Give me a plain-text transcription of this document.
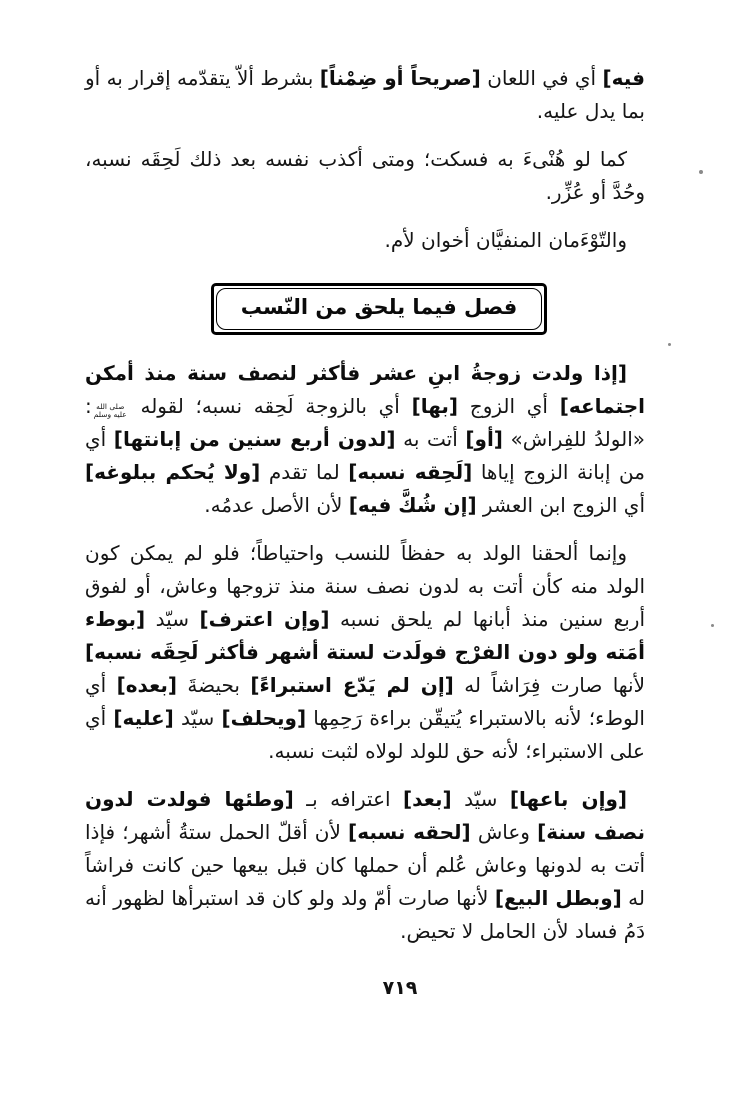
فيه] أي في اللعان [صريحاً أو ضِمْناً] بشرط ألاّ يتقدّمه إقرار به أو بما يدل عليه.

كما لو هُنْىءَ به فسكت؛ ومتى أكذب نفسه بعد ذلك لَحِقَه نسبه، وحُدَّ أو عُزِّر.

والتّوْءَمان المنفيَّان أخوان لأم.

فصل فيما يلحق من النّسب

[إذا ولدت زوجةُ ابنِ عشر فأكثر لنصف سنة منذ أمكن اجتماعه] أي الزوج [بها] أي بالزوجة لَحِقه نسبه؛ لقوله
صلى الله
عليه وسلم
: «الولدُ للفِراش» [أو] أتت به [لدون أربع سنين من إبانتها] أي من إبانة الزوج إياها [لَحِقه نسبه] لما تقدم [ولا يُحكم ببلوغه] أي الزوج ابن العشر [إن شُكَّ فيه] لأن الأصل عدمُه.

وإنما ألحقنا الولد به حفظاً للنسب واحتياطاً؛ فلو لم يمكن كون الولد منه كأن أتت به لدون نصف سنة منذ تزوجها وعاش، أو لفوق أربع سنين منذ أبانها لم يلحق نسبه [وإن اعترف] سيّد [بوطء أمَته ولو دون الفرْج فولَدت لستة أشهر فأكثر لَحِقَه نسبه] لأنها صارت فِرَاشاً له [إن لم يَدّع استبراءً] بحيضةَ [بعده] أي الوطء؛ لأنه بالاستبراء يُتيقّن براءة رَحِمِها [ويحلف] سيّد [عليه] أي على الاستبراء؛ لأنه حق للولد لولاه لثبت نسبه.

[وإن باعها] سيّد [بعد] اعترافه بـ [وطئها فولدت لدون نصف سنة] وعاش [لحقه نسبه] لأن أقلّ الحمل ستةُ أشهر؛ فإذا أتت به لدونها وعاش عُلم أن حملها كان قبل بيعها حين كانت فراشاً له [وبطل البيع] لأنها صارت أمّ ولد ولو كان قد استبرأها لظهور أنه دَمُ فساد لأن الحامل لا تحيض.

٧١٩
